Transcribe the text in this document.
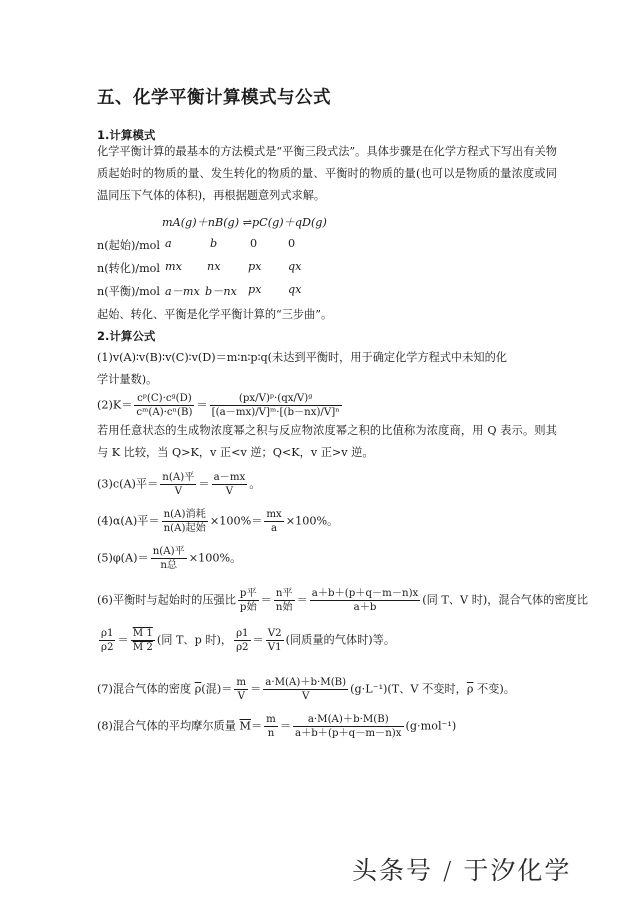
五、化学平衡计算模式与公式
1.计算模式
化学平衡计算的最基本的方法模式是“平衡三段式法”。具体步骤是在化学方程式下写出有关物质起始时的物质的量、发生转化的物质的量、平衡时的物质的量(也可以是物质的量浓度或同温同压下气体的体积)，再根据题意列式求解。
mA(g)＋nB(g) ⇌pC(g)＋qD(g)
n(起始)/mol a	b	0	0
n(转化)/mol mx nx px qx
n(平衡)/mol a－mx b－nx px qx
起始、转化、平衡是化学平衡计算的“三步曲”。
2.计算公式
(1)v(A)∶v(B)∶v(C)∶v(D)＝m∶n∶p∶q(未达到平衡时，用于确定化学方程式中未知的化
学计量数)。
$(2)K= \frac{\text{cᵖ(C)·cᵍ(D)}}{\text{cᵐ(A)·cⁿ(B)}} = \frac{\text{(px/V)ᵖ·(qx/V)ᵍ}}{\text{[(a－mx)/V]ᵐ·[(b－nx)/V]ⁿ}}$
若用任意状态的生成物浓度幂之积与反应物浓度幂之积的比值称为浓度商，用 Q 表示。则其与 K 比较，当 Q>K，v 正<v 逆；Q<K，v 正>v 逆。
(3)c(A)平＝ $\frac{\text{n(A)平}}{V} = \frac{a-mx}{V}$ 。
(4)α(A)平＝ $\frac{\text{n(A)消耗}}{\text{n(A)起始}} \times 100\%= \frac{mx}{a} \times 100\%$。
$(5)\varphi(A)= \frac{\text{n(A)平}}{\text{n总}} \times 100\%$。
(6)平衡时与起始时的压强比 $\frac{\text{p平}}{\text{p始}} = \frac{\text{n平}}{\text{n始}} = \frac{a+b+(p+q-m-n)x}{a+b}$ (同 T、V 时)，混合气体的密度比
$\frac{\rho 1}{\rho 2} = \frac{M 1}{M 2}$ (同 T、p 时)， $\frac{\rho 1}{\rho 2} = \frac{V2}{V1}$ (同质量的气体时)等。
(7)混合气体的密度 $\overline{\rho}$(混)＝ $\frac{m}{V} = \frac{a\cdot M(A)+b\cdot M(B)}{V} (g\cdot L^{-1})(T$、V 不变时，$\overline{\rho}$ 不变)。
(8)混合气体的平均摩尔质量 $\overline{M}= \frac{m}{n} = \frac{a\cdot M(A)+b\cdot M(B)}{a+b+(p+q-m-n)x} (g\cdot mol^{-1})$
头条号 / 于汐化学
